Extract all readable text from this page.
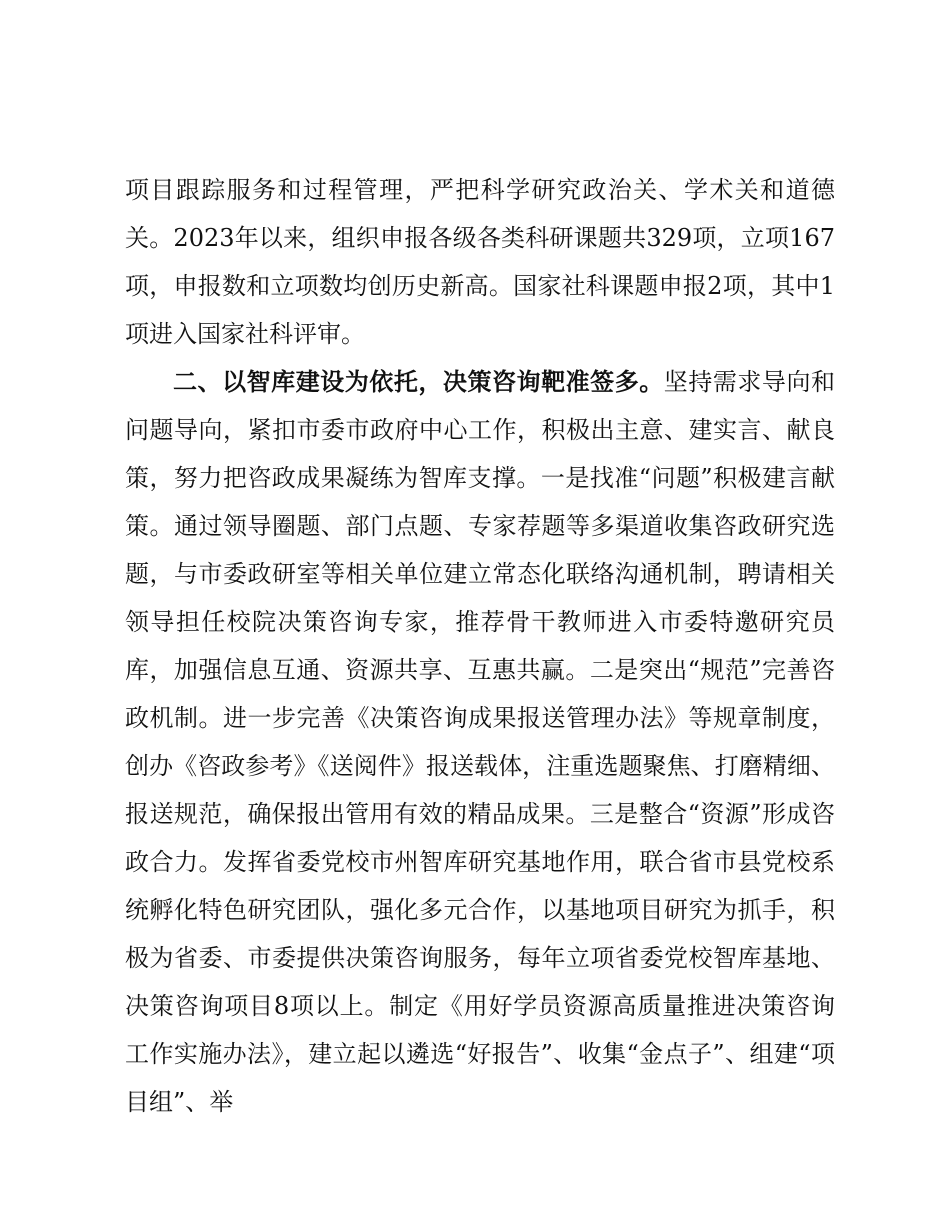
项目跟踪服务和过程管理，严把科学研究政治关、学术关和道德关。2023年以来，组织申报各级各类科研课题共329项，立项167项，申报数和立项数均创历史新高。国家社科课题申报2项，其中1项进入国家社科评审。

二、以智库建设为依托，决策咨询靶准签多。坚持需求导向和问题导向，紧扣市委市政府中心工作，积极出主意、建实言、献良策，努力把咨政成果凝练为智库支撑。一是找准“问题”积极建言献策。通过领导圈题、部门点题、专家荐题等多渠道收集咨政研究选题，与市委政研室等相关单位建立常态化联络沟通机制，聘请相关领导担任校院决策咨询专家，推荐骨干教师进入市委特邀研究员库，加强信息互通、资源共享、互惠共赢。二是突出“规范”完善咨政机制。进一步完善《决策咨询成果报送管理办法》等规章制度，创办《咨政参考》《送阅件》报送载体，注重选题聚焦、打磨精细、报送规范，确保报出管用有效的精品成果。三是整合“资源”形成咨政合力。发挥省委党校市州智库研究基地作用，联合省市县党校系统孵化特色研究团队，强化多元合作，以基地项目研究为抓手，积极为省委、市委提供决策咨询服务，每年立项省委党校智库基地、决策咨询项目8项以上。制定《用好学员资源高质量推进决策咨询工作实施办法》，建立起以遴选“好报告”、收集“金点子”、组建“项目组”、举
